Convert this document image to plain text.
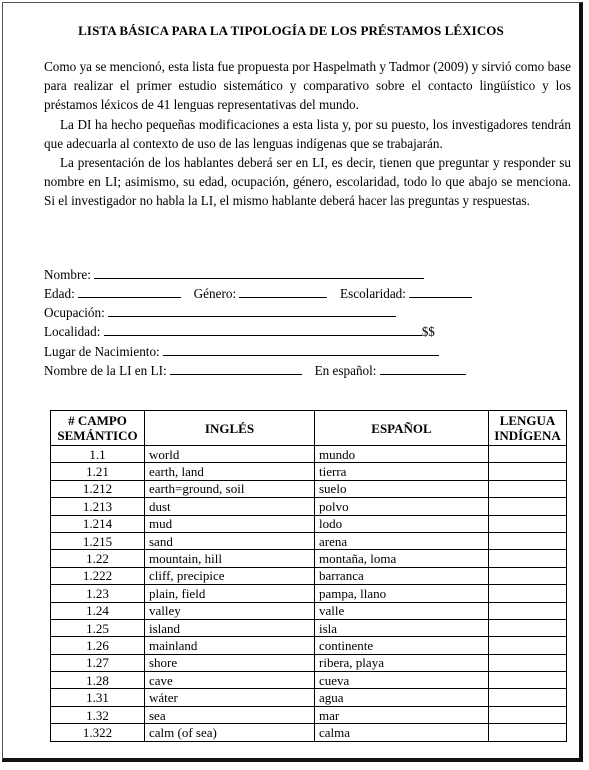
LISTA BÁSICA PARA LA TIPOLOGÍA DE LOS PRÉSTAMOS LÉXICOS

Como ya se mencionó, esta lista fue propuesta por Haspelmath y Tadmor (2009) y sirvió como base para realizar el primer estudio sistemático y comparativo sobre el contacto lingüístico y los préstamos léxicos de 41 lenguas representativas del mundo.

La DI ha hecho pequeñas modificaciones a esta lista y, por su puesto, los investigadores tendrán que adecuarla al contexto de uso de las lenguas indígenas que se trabajarán.

La presentación de los hablantes deberá ser en LI, es decir, tienen que preguntar y responder su nombre en LI; asimismo, su edad, ocupación, género, escolaridad, todo lo que abajo se menciona. Si el investigador no habla la LI, el mismo hablante deberá hacer las preguntas y respuestas.

Nombre:
Edad:	Género:	Escolaridad:
Ocupación:
Localidad:	$$
Lugar de Nacimiento:
Nombre de la LI en LI:	En español:
# CAMPO
SEMÁNTICO	INGLÉS	ESPAÑOL	LENGUA
INDÍGENA
1.1	world	mundo	
1.21	earth, land	tierra	
1.212	earth=ground, soil	suelo	
1.213	dust	polvo	
1.214	mud	lodo	
1.215	sand	arena	
1.22	mountain, hill	montaña, loma	
1.222	cliff, precipice	barranca	
1.23	plain, field	pampa, llano	
1.24	valley	valle	
1.25	island	isla	
1.26	mainland	continente	
1.27	shore	ribera, playa	
1.28	cave	cueva	
1.31	wáter	agua	
1.32	sea	mar	
1.322	calm (of sea)	calma	
